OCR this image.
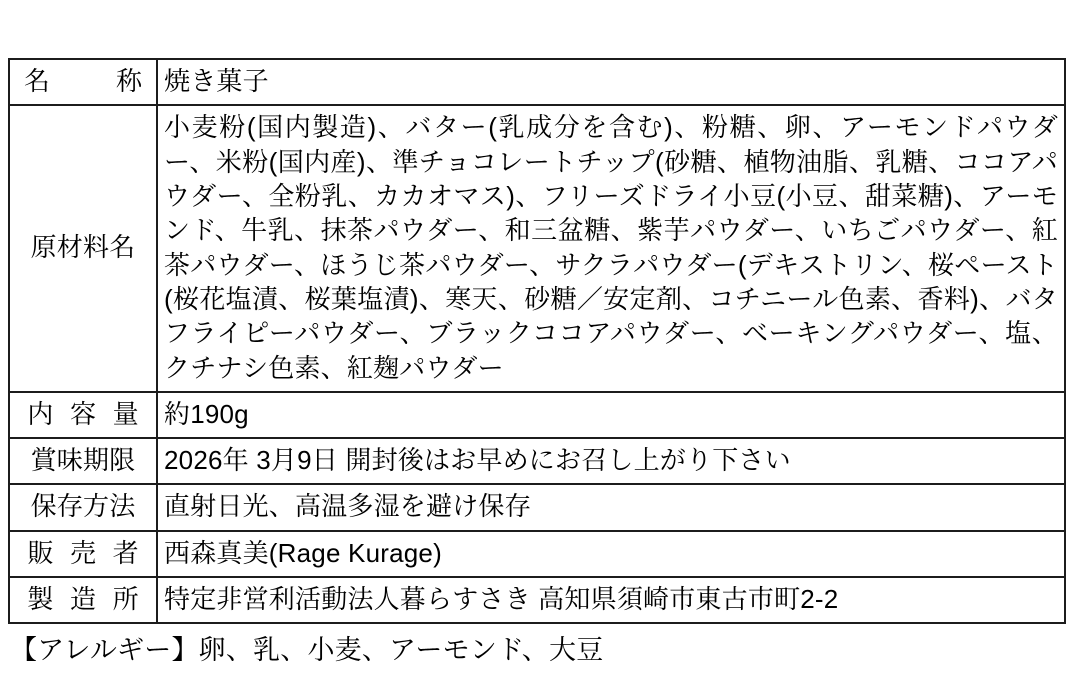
名　　称	焼き菓子
原材料名	小麦粉(国内製造)、バター(乳成分を含む)、粉糖、卵、アーモンドパウダー、米粉(国内産)、準チョコレートチップ(砂糖、植物油脂、乳糖、ココアパウダー、全粉乳、カカオマス)、フリーズドライ小豆(小豆、甜菜糖)、アーモンド、牛乳、抹茶パウダー、和三盆糖、紫芋パウダー、いちごパウダー、紅茶パウダー、ほうじ茶パウダー、サクラパウダー(デキストリン、桜ペースト(桜花塩漬、桜葉塩漬)、寒天、砂糖／安定剤、コチニール色素、香料)、バタフライピーパウダー、ブラックココアパウダー、ベーキングパウダー、塩、クチナシ色素、紅麹パウダー
内 容 量	約190g
賞味期限	2026年 3月9日 開封後はお早めにお召し上がり下さい
保存方法	直射日光、高温多湿を避け保存
販 売 者	西森真美(Rage Kurage)
製 造 所	特定非営利活動法人暮らすさき 高知県須崎市東古市町2-2
【アレルギー】卵、乳、小麦、アーモンド、大豆
